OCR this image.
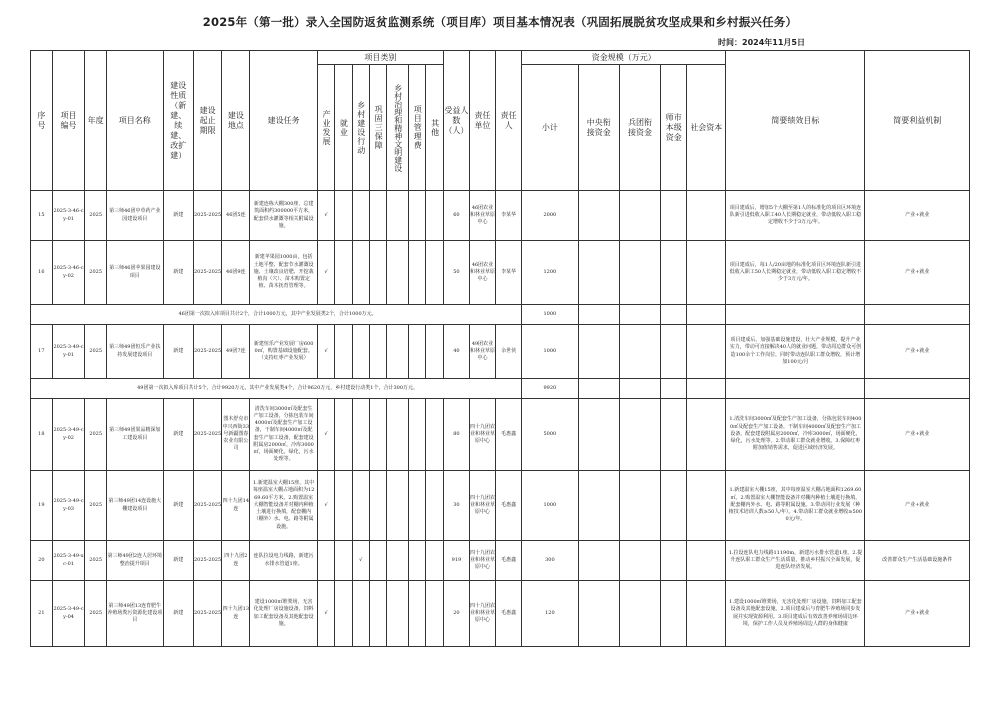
2025年（第一批）录入全国防返贫监测系统（项目库）项目基本情况表（巩固拓展脱贫攻坚成果和乡村振兴任务）
时间：2024年11月5日
序号	项目编号	年度	项目名称	建设性质（新建、续建、改扩建）	建设起止期限	建设地点	建设任务	项目类别							受益人数（人）	责任单位	责任人	资金规模（万元）					简要绩效目标	简要利益机制

								产业发展	就业	乡村建设行动	巩固三保障	乡村治理和精神文明建设	项目管理费	其他				小计	中央衔接资金	兵团衔接资金	师市本级资金	社会资本		
15	2025-3-46-cy-01	2025	第三师46团中草药产业园建设项目	新建	2025-2025	46团5连	新建连栋大棚300座，总建筑面积约300000平方米，配套供水灌溉等相关附属设施。	√							60	46团农业和林业草原中心	李某华	2000					项目建成后，增加5个大棚至第1人的标准化的项目区环境连队新引进低收入职工40人长期稳定就业，带动低收入职工稳定增收不少于3万元/年。	产业+就业
16	2025-3-46-cy-02	2025	第三师46团苹果园建设项目	新建	2025-2025	46团9连	新建苹果园1000亩，包括土地平整、配套节水灌溉设施、土壤改良培肥、开挖栽植沟（穴）、苗木购置定植、苗木抚育管理等。	√							50	46团农业和林业草原中心	李某华	1200					项目建成后，每1人/20亩地的标准化项目区环境连队新引进低收入职工50人长期稳定就业，带动低收入职工稳定增收不少于3万元/年。	产业+就业
46团第一次拟入库项目共计2个，合计1000万元，其中产业发展类2个，合计1000万元。																		1000						
17	2025-3-49-cy-01	2025	第三师49团恒乐产业扶持发展建设项目	新建	2025-2025	49团7连	新建恒乐产业发展厂房6000㎡，购置基础设施配套。（支持红枣产业发展）	√							40	49团农业和林业草原中心	余世侠	1000					项目建成后，加强基础设施建设，壮大产业规模，提升产业实力，带动可直接解决40人的就业问题，带动周边群众可创造100余个工作岗位，同时带动连队职工群众增收，预计增加100元/月	产业+就业
49团第一次拟入库项目共计5个，合计9920万元，其中产业发展类4个，合计9620万元，乡村建设行动类1个，合计300万元。																		9920						
18	2025-3-49-cy-02	2025	第三师49团果品精深加工建设项目	新建	2025-2025	图木舒克市中兴西街33号新疆图春农业有限公司	清洗车间3000㎡及配套生产加工设备，分拣包装车间4000㎡及配套生产加工设备，干制车间4000㎡及配套生产加工设备，配套建设附属房2000㎡，冷库3000㎡，场面硬化，绿化，污水处理等。	√							80	四十九团农业和林业草原中心	毛惠鑫	5000					1.清洗车间3000㎡及配套生产加工设备，分拣包装车间4000㎡及配套生产加工设备，干制车间4000㎡及配套生产加工设备，配套建设附属房2000㎡，冷库3000㎡，场面硬化，绿化，污水处理等。2.带动职工群众就业增收。3.保障红枣附加值销售需求，促进区域经济发展。	产业+就业
19	2025-3-49-cy-03	2025	第三师49团14连设施大棚建设项目	新建	2025-2025	四十九团14连	1.新建温室大棚15座，其中每座温室大棚占地面积为1269.60平方米。2.购置温室大棚智能设备并对棚内种植土壤进行换填，配套棚内（棚外）水、电、路等附属设施。	√							30	四十九团农业和林业草原中心	毛惠鑫	1000					1.新建温室大棚15座，其中每座温室大棚占地面积1269.60㎡。2.购置温室大棚智能设备并对棚内种植土壤进行换填，配套棚内外水、电、路等附属设施。3.带动同行业发展（种植技术培训人数≥50人/年）。4.带动职工群众就业增收≥5000元/年。	产业+就业
20	2025-3-49-xc-01	2025	第三师49团2连人居环境整治提升项目	新建	2025-2025	四十九团2连	连队拉设电力线路，新建污水排水管道1座。			√					919	四十九团农业和林业草原中心	毛惠鑫	300					1.拉设连队电力线路11190m，新建污水排水管道1座。2.提升连队职工群众生产生活质量，推动乡村振兴全面发展，促进连队经济发展。	改善群众生产生活基础设施条件
21	2025-3-49-cy-04	2025	第三师49团13连育肥牛养殖场粪污资源化建设项目	新建	2025-2025	四十九团13连	建设1000㎡堆粪场，无害化处理厂房设施设备，饲料加工配套设备及其他配套设施。	√							20	四十九团农业和林业草原中心	毛惠鑫	120					1.建设1000㎡堆粪场，无害化处理厂房设施，饲料加工配套设备及其他配套设施。2.项目建成后与育肥牛养殖场同步发展并实现资源利用。3.项目建成后有效改善养殖场周边环境，保护工作人员及养殖场周边人群的身体健康	产业+就业
